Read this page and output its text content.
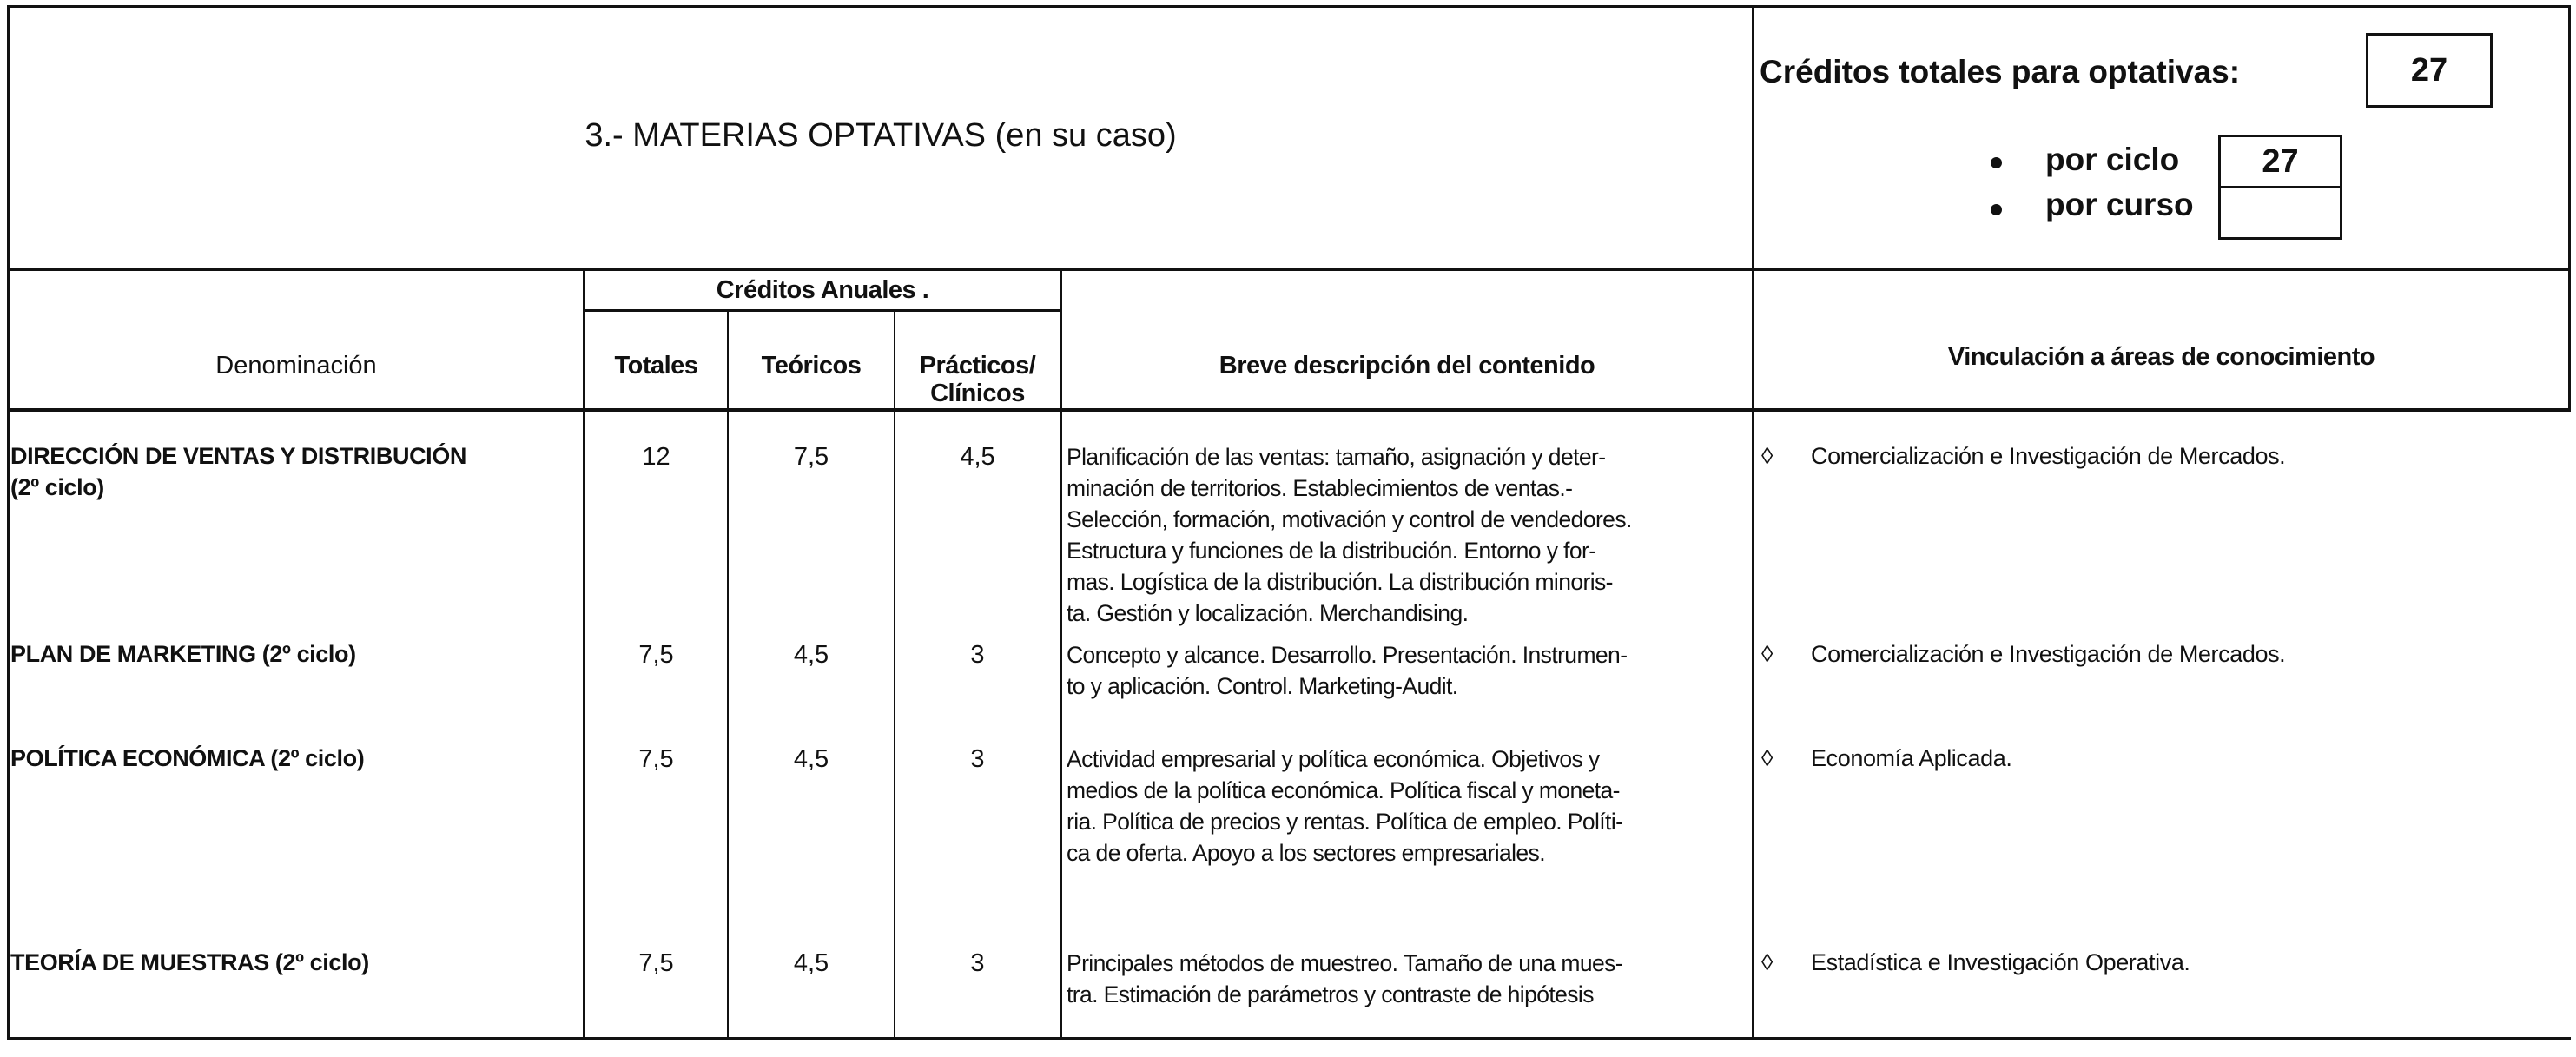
3.- MATERIAS OPTATIVAS (en su caso)
Créditos totales para optativas:	27
por ciclo	27
por curso
Denominación
Créditos Anuales .
Totales	Teóricos	Prácticos/
Clínicos
Breve descripción del contenido	Vinculación a áreas de conocimiento
DIRECCIÓN DE VENTAS Y DISTRIBUCIÓN
(2º ciclo)
12	7,5	4,5	Planificación de las ventas: tamaño, asignación y deter-
minación de territorios. Establecimientos de ventas.-
Selección, formación, motivación y control de vendedores.
Estructura y funciones de la distribución. Entorno y for-
mas. Logística de la distribución. La distribución minoris-
ta. Gestión y localización. Merchandising.
◊ Comercialización e Investigación de Mercados.
PLAN DE MARKETING (2º ciclo)	7,5	4,5	3	Concepto y alcance. Desarrollo. Presentación. Instrumen-
to y aplicación. Control. Marketing-Audit.
◊ Comercialización e Investigación de Mercados.
POLÍTICA ECONÓMICA (2º ciclo)	7,5	4,5	3	Actividad empresarial y política económica. Objetivos y
medios de la política económica. Política fiscal y moneta-
ria. Política de precios y rentas. Política de empleo. Políti-
ca de oferta. Apoyo a los sectores empresariales.
◊ Economía Aplicada.
TEORÍA DE MUESTRAS (2º ciclo)	7,5	4,5	3	Principales métodos de muestreo. Tamaño de una mues-
tra. Estimación de parámetros y contraste de hipótesis
◊ Estadística e Investigación Operativa.
